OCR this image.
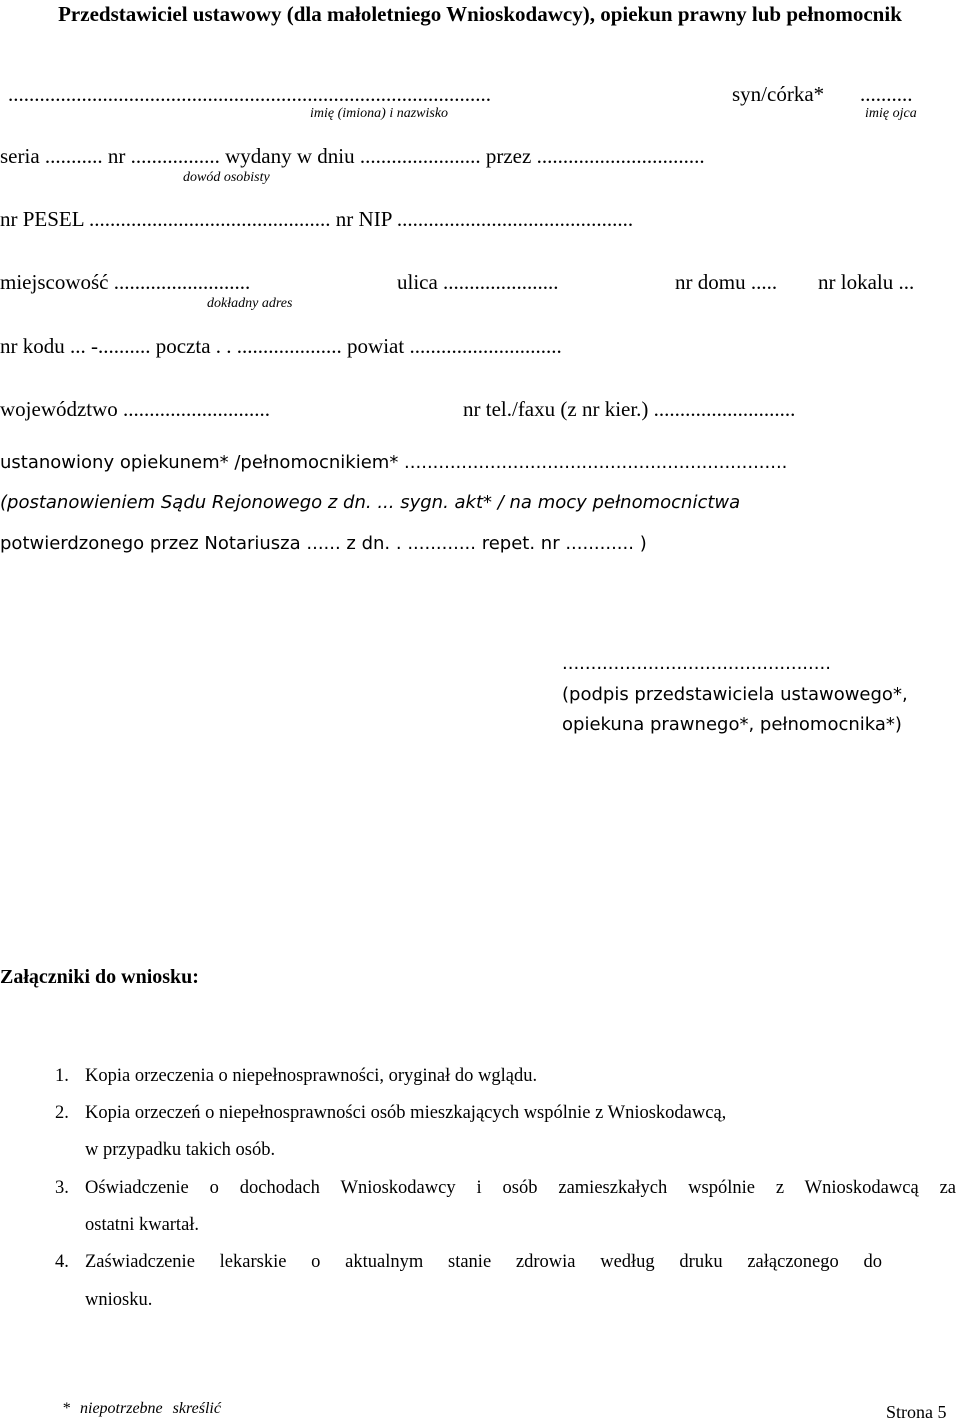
Przedstawiciel ustawowy (dla małoletniego Wnioskodawcy), opiekun prawny lub pełnomocnik
............................................................................................	syn/córka* ..........
imię (imiona) i nazwisko	imię ojca
seria ........... nr ................. wydany w dniu ....................... przez ................................
dowód osobisty
nr PESEL .............................................. nr NIP .............................................
miejscowość ..........................	ulica ......................	nr domu ..... nr lokalu ...
dokładny adres
nr kodu ... -.......... poczta . . .................... powiat .............................
województwo ............................	nr tel./faxu (z nr kier.) ...........................
ustanowiony opiekunem* /pełnomocnikiem* ...................................................................
(postanowieniem Sądu Rejonowego z dn. ... sygn. akt* / na mocy pełnomocnictwa
potwierdzonego przez Notariusza ...... z dn. . ............ repet. nr ............ )
...............................................
(podpis przedstawiciela ustawowego*,
opiekuna prawnego*, pełnomocnika*)
Załączniki do wniosku:
1. Kopia orzeczenia o niepełnosprawności, oryginał do wglądu.
2. Kopia orzeczeń o niepełnosprawności osób mieszkających wspólnie z Wnioskodawcą,
w przypadku takich osób.
3. Oświadczenie o dochodach Wnioskodawcy i osób zamieszkałych wspólnie z Wnioskodawcą za
ostatni kwartał.
4. Zaświadczenie lekarskie o aktualnym stanie zdrowia według druku załączonego do
wniosku.
* niepotrzebne skreślić	Strona 5
